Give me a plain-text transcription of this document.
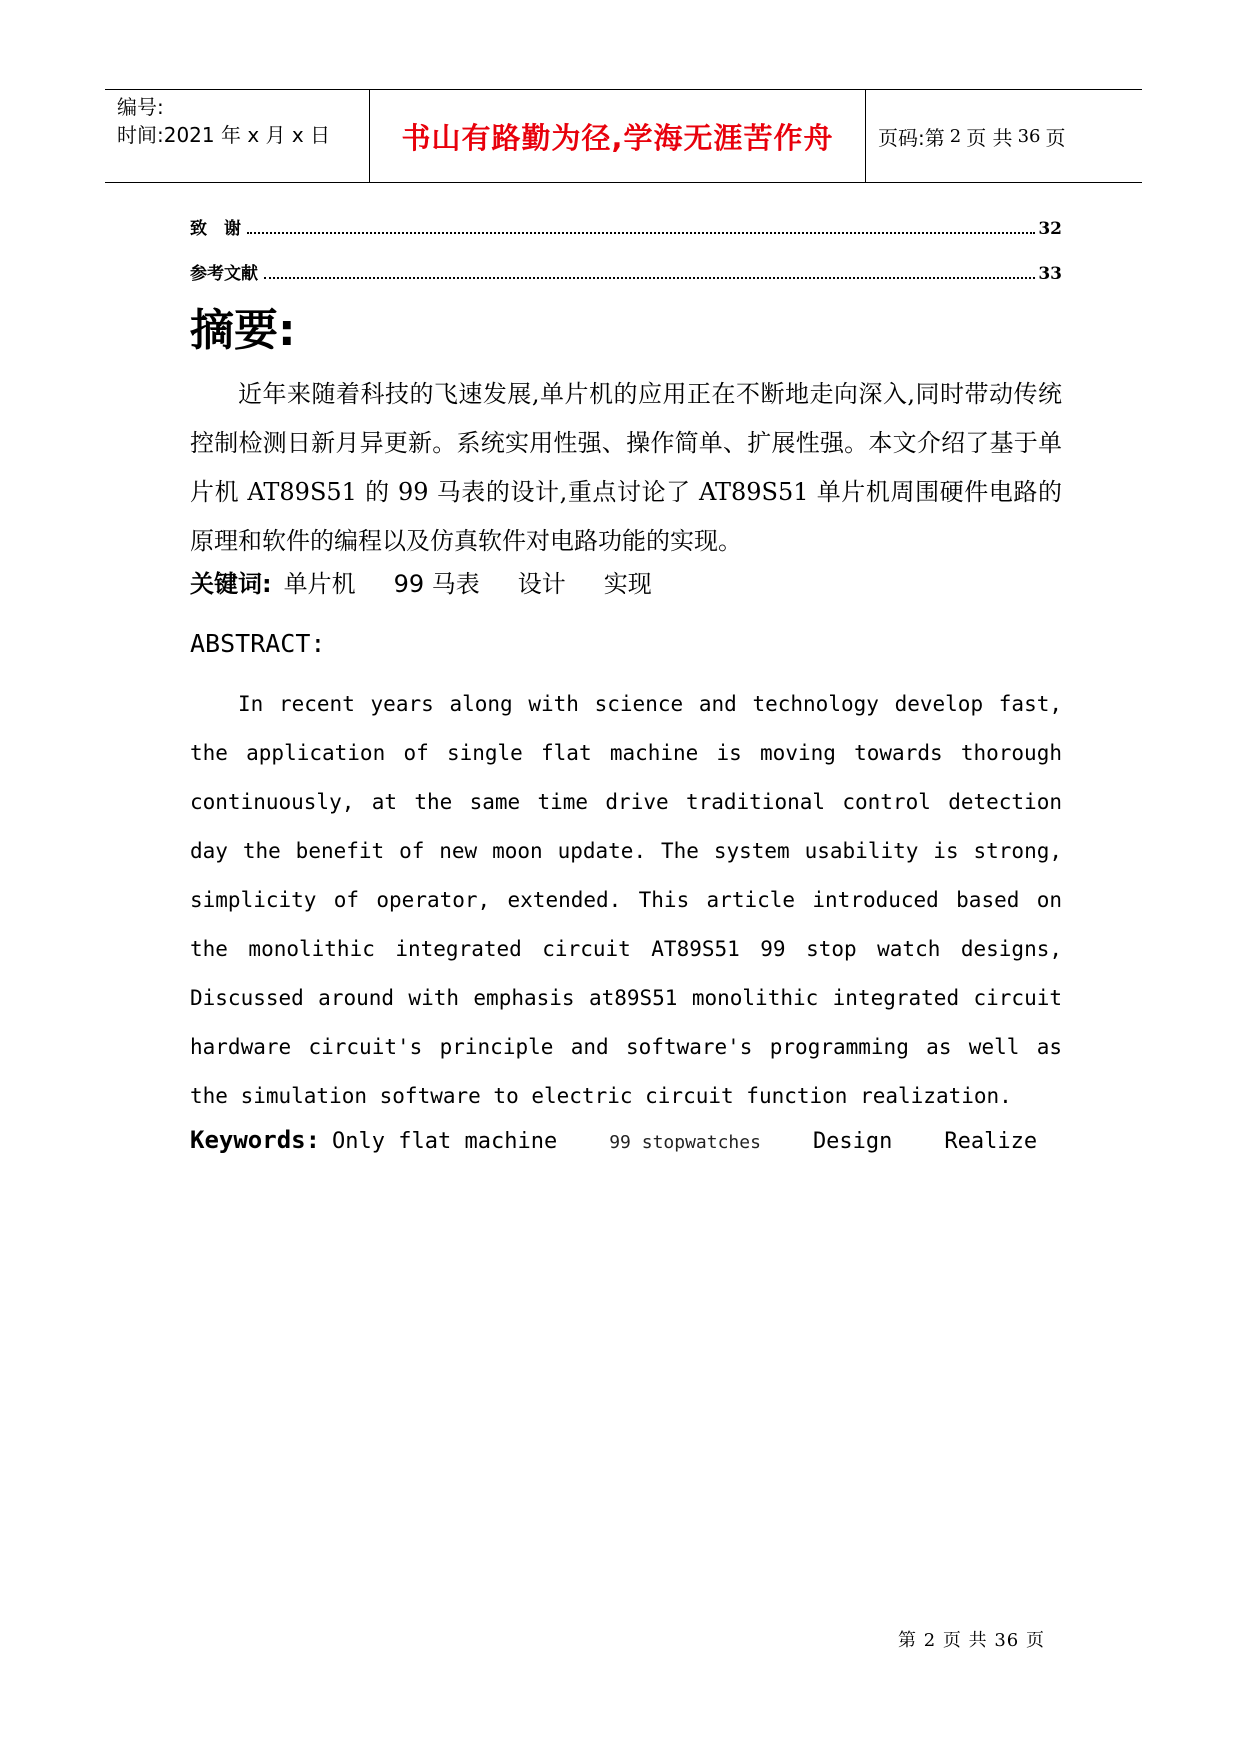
编号:
时间:2021 年 x 月 x 日	书山有路勤为径,学海无涯苦作舟	页码:第 2 页 共 36 页
致　谢	32
参考文献	33
摘要:

近年来随着科技的飞速发展,单片机的应用正在不断地走向深入,同时带动传统控制检测日新月异更新。系统实用性强、操作简单、扩展性强。本文介绍了基于单片机 AT89S51 的 99 马表的设计,重点讨论了 AT89S51 单片机周围硬件电路的原理和软件的编程以及仿真软件对电路功能的实现。

关键词: 单片机 99 马表 设计 实现
ABSTRACT:

In recent years along with science and technology develop fast, the application of single flat machine is moving towards thorough continuously, at the same time drive traditional control detection day the benefit of new moon update. The system usability is strong, simplicity of operator, extended. This article introduced based on the monolithic integrated circuit AT89S51 99 stop watch designs, Discussed around with emphasis at89S51 monolithic integrated circuit hardware circuit's principle and software's programming as well as the simulation software to electric circuit function realization.

Keywords: Only flat machine	99 stopwatches Design Realize
第 2 页 共 36 页
